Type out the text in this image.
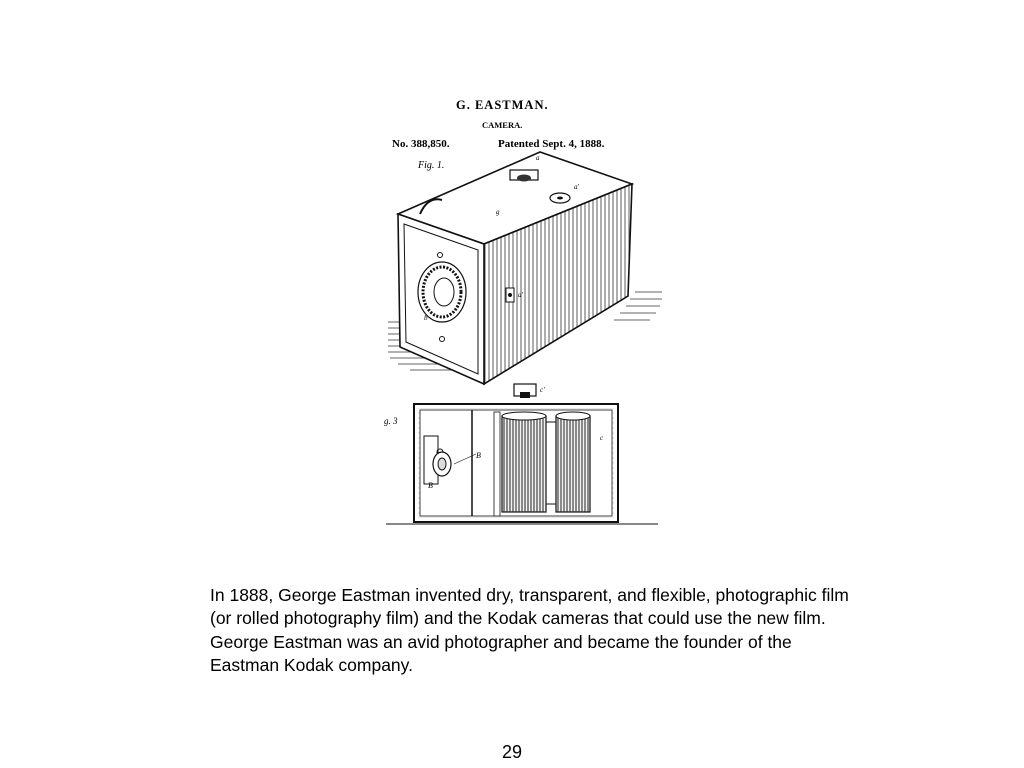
G. EASTMAN.
CAMERA.
No. 388,850.	Patented Sept. 4, 1888.
Fig. 1.
b
a
a'
g
a'
c'
B
B
c
g. 3

In 1888, George Eastman invented dry, transparent, and flexible, photographic film (or rolled photography film) and the Kodak cameras that could use the new film.

George Eastman was an avid photographer and became the founder of the Eastman Kodak company.

29
